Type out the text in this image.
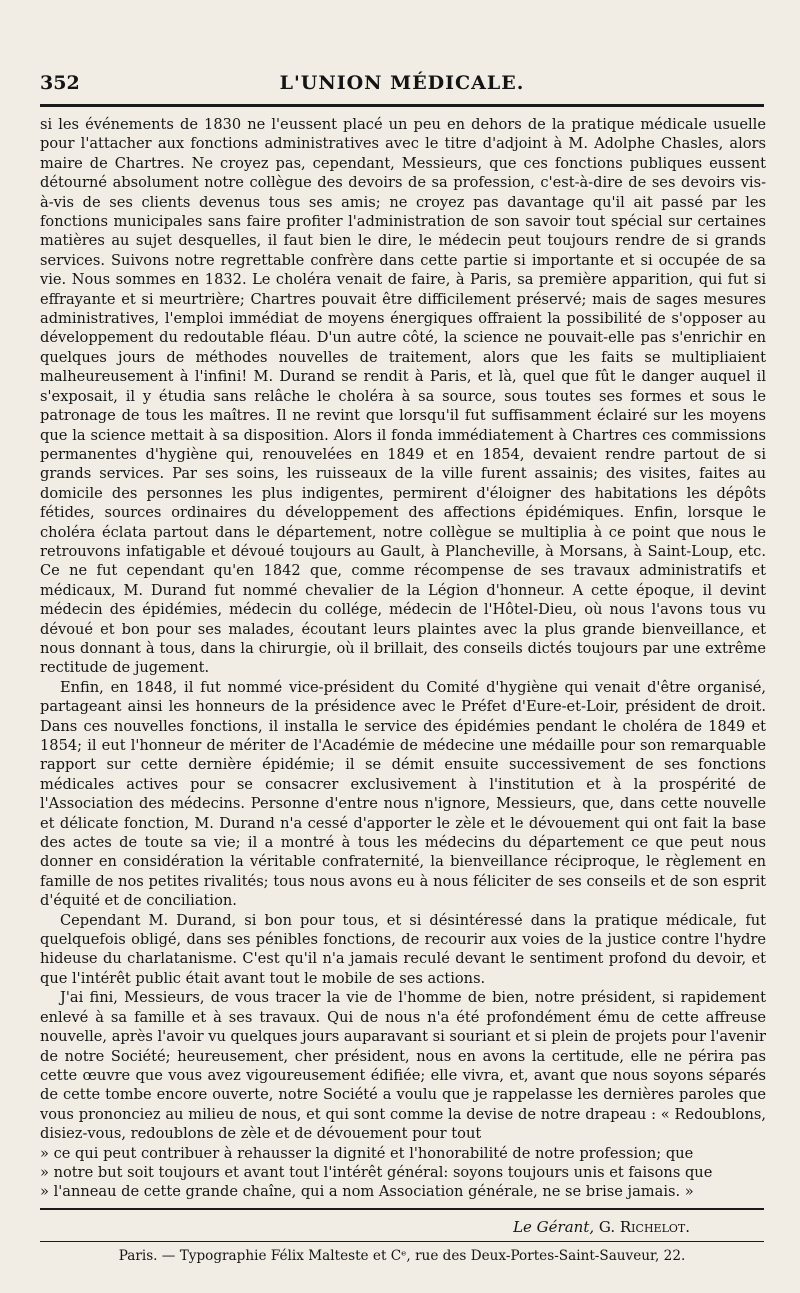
352	L'UNION MÉDICALE.

si les événements de 1830 ne l'eussent placé un peu en dehors de la pratique médicale usuelle pour l'attacher aux fonctions administratives avec le titre d'adjoint à M. Adolphe Chasles, alors maire de Chartres. Ne croyez pas, cependant, Messieurs, que ces fonctions publiques eussent détourné absolument notre collègue des devoirs de sa profession, c'est-à-dire de ses devoirs vis-à-vis de ses clients devenus tous ses amis; ne croyez pas davantage qu'il ait passé par les fonctions municipales sans faire profiter l'administration de son savoir tout spécial sur certaines matières au sujet desquelles, il faut bien le dire, le médecin peut toujours rendre de si grands services. Suivons notre regrettable confrère dans cette partie si importante et si occupée de sa vie. Nous sommes en 1832. Le choléra venait de faire, à Paris, sa première apparition, qui fut si effrayante et si meurtrière; Chartres pouvait être difficilement préservé; mais de sages mesures administratives, l'emploi immédiat de moyens énergiques offraient la possibilité de s'opposer au développement du redoutable fléau. D'un autre côté, la science ne pouvait-elle pas s'enrichir en quelques jours de méthodes nouvelles de traitement, alors que les faits se multipliaient malheureusement à l'infini! M. Durand se rendit à Paris, et là, quel que fût le danger auquel il s'exposait, il y étudia sans relâche le choléra à sa source, sous toutes ses formes et sous le patronage de tous les maîtres. Il ne revint que lorsqu'il fut suffisamment éclairé sur les moyens que la science mettait à sa disposition. Alors il fonda immédiatement à Chartres ces commissions permanentes d'hygiène qui, renouvelées en 1849 et en 1854, devaient rendre partout de si grands services. Par ses soins, les ruisseaux de la ville furent assainis; des visites, faites au domicile des personnes les plus indigentes, permirent d'éloigner des habitations les dépôts fétides, sources ordinaires du développement des affections épidémiques. Enfin, lorsque le choléra éclata partout dans le département, notre collègue se multiplia à ce point que nous le retrouvons infatigable et dévoué toujours au Gault, à Plancheville, à Morsans, à Saint-Loup, etc. Ce ne fut cependant qu'en 1842 que, comme récompense de ses travaux administratifs et médicaux, M. Durand fut nommé chevalier de la Légion d'honneur. A cette époque, il devint médecin des épidémies, médecin du collége, médecin de l'Hôtel-Dieu, où nous l'avons tous vu dévoué et bon pour ses malades, écoutant leurs plaintes avec la plus grande bienveillance, et nous donnant à tous, dans la chirurgie, où il brillait, des conseils dictés toujours par une extrême rectitude de jugement.

Enfin, en 1848, il fut nommé vice-président du Comité d'hygiène qui venait d'être organisé, partageant ainsi les honneurs de la présidence avec le Préfet d'Eure-et-Loir, président de droit. Dans ces nouvelles fonctions, il installa le service des épidémies pendant le choléra de 1849 et 1854; il eut l'honneur de mériter de l'Académie de médecine une médaille pour son remarquable rapport sur cette dernière épidémie; il se démit ensuite successivement de ses fonctions médicales actives pour se consacrer exclusivement à l'institution et à la prospérité de l'Association des médecins. Personne d'entre nous n'ignore, Messieurs, que, dans cette nouvelle et délicate fonction, M. Durand n'a cessé d'apporter le zèle et le dévouement qui ont fait la base des actes de toute sa vie; il a montré à tous les médecins du département ce que peut nous donner en considération la véritable confraternité, la bienveillance réciproque, le règlement en famille de nos petites rivalités; tous nous avons eu à nous féliciter de ses conseils et de son esprit d'équité et de conciliation.

Cependant M. Durand, si bon pour tous, et si désintéressé dans la pratique médicale, fut quelquefois obligé, dans ses pénibles fonctions, de recourir aux voies de la justice contre l'hydre hideuse du charlatanisme. C'est qu'il n'a jamais reculé devant le sentiment profond du devoir, et que l'intérêt public était avant tout le mobile de ses actions.

J'ai fini, Messieurs, de vous tracer la vie de l'homme de bien, notre président, si rapidement enlevé à sa famille et à ses travaux. Qui de nous n'a été profondément ému de cette affreuse nouvelle, après l'avoir vu quelques jours auparavant si souriant et si plein de projets pour l'avenir de notre Société; heureusement, cher président, nous en avons la certitude, elle ne périra pas cette œuvre que vous avez vigoureusement édifiée; elle vivra, et, avant que nous soyons séparés de cette tombe encore ouverte, notre Société a voulu que je rappelasse les dernières paroles que vous prononciez au milieu de nous, et qui sont comme la devise de notre drapeau : « Redoublons, disiez-vous, redoublons de zèle et de dévouement pour tout

» ce qui peut contribuer à rehausser la dignité et l'honorabilité de notre profession; que

» notre but soit toujours et avant tout l'intérêt général: soyons toujours unis et faisons que

» l'anneau de cette grande chaîne, qui a nom Association générale, ne se brise jamais. »

Le Gérant, G. Richelot.
Paris. — Typographie Félix Malteste et Cᵉ, rue des Deux-Portes-Saint-Sauveur, 22.
